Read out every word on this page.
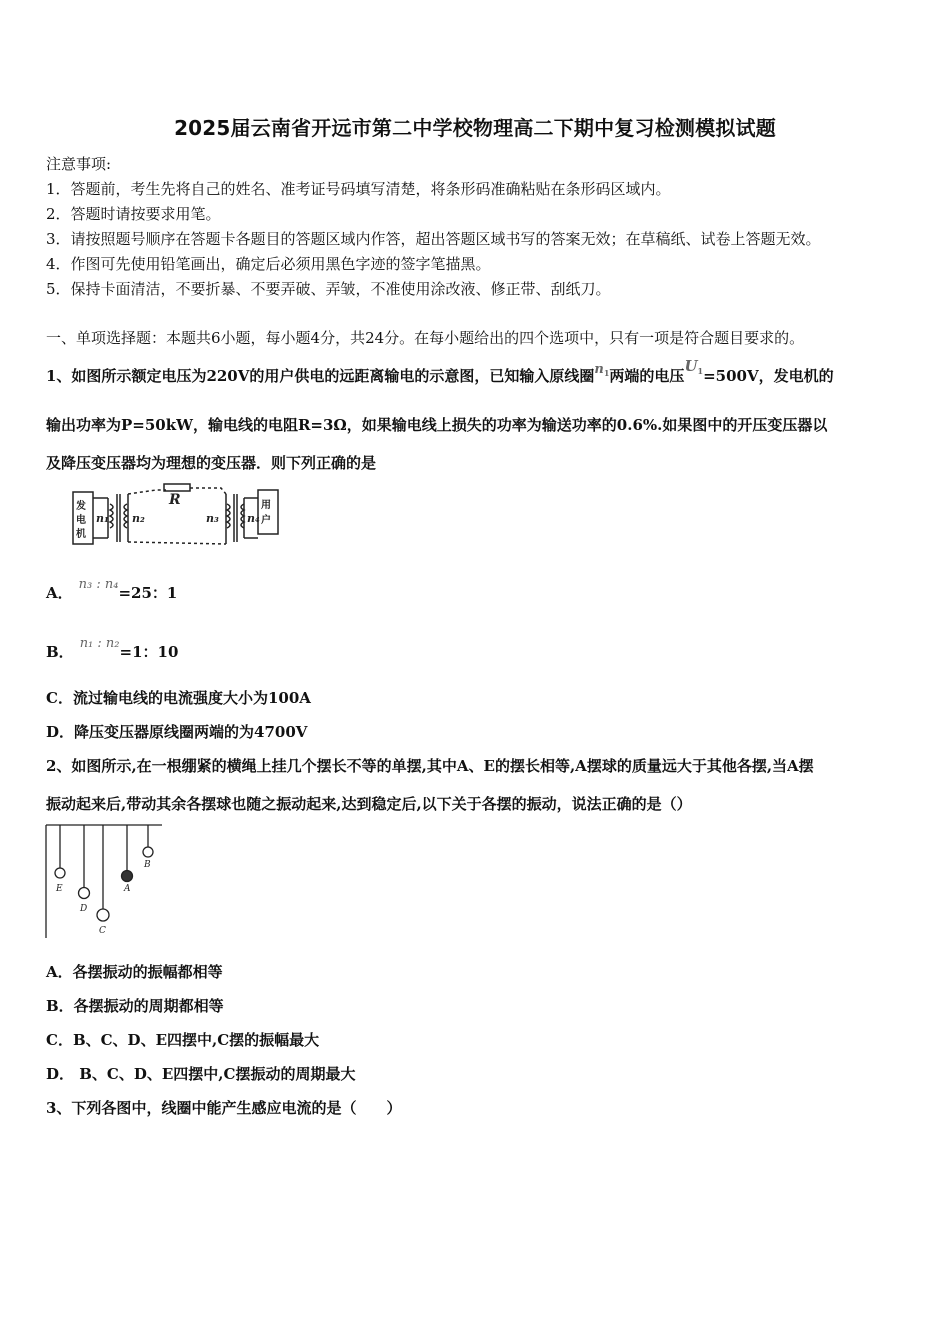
2025届云南省开远市第二中学校物理高二下期中复习检测模拟试题
注意事项:
1．答题前，考生先将自己的姓名、准考证号码填写清楚，将条形码准确粘贴在条形码区域内。
2．答题时请按要求用笔。
3．请按照题号顺序在答题卡各题目的答题区域内作答，超出答题区域书写的答案无效；在草稿纸、试卷上答题无效。
4．作图可先使用铅笔画出，确定后必须用黑色字迹的签字笔描黑。
5．保持卡面清洁，不要折暴、不要弄破、弄皱，不准使用涂改液、修正带、刮纸刀。
一、单项选择题：本题共6小题，每小题4分，共24分。在每小题给出的四个选项中，只有一项是符合题目要求的。
1、如图所示额定电压为220V的用户供电的远距离输电的示意图，已知输入原线圈$n_1$两端的电压$U_1=500V$，发电机的
输出功率为P=50kW，输电线的电阻R=3Ω，如果输电线上损失的功率为输送功率的0.6%.如果图中的开压变压器以
及降压变压器均为理想的变压器．则下列正确的是
发
电
机
n₁ n₂
R
n₃	n₄
用
户
A． n₃ : n₄=25：1
B． n₁ : n₂=1：10
C．流过输电线的电流强度大小为100A
D．降压变压器原线圈两端的为4700V
2、如图所示,在一根绷紧的横绳上挂几个摆长不等的单摆,其中A、E的摆长相等,A摆球的质量远大于其他各摆,当A摆
振动起来后,带动其余各摆球也随之振动起来,达到稳定后,以下关于各摆的振动，说法正确的是（）
E
D
C
A
B
A．各摆振动的振幅都相等
B．各摆振动的周期都相等
C．B、C、D、E四摆中,C摆的振幅最大
D． B、C、D、E四摆中,C摆振动的周期最大
3、下列各图中，线圈中能产生感应电流的是（　　）
